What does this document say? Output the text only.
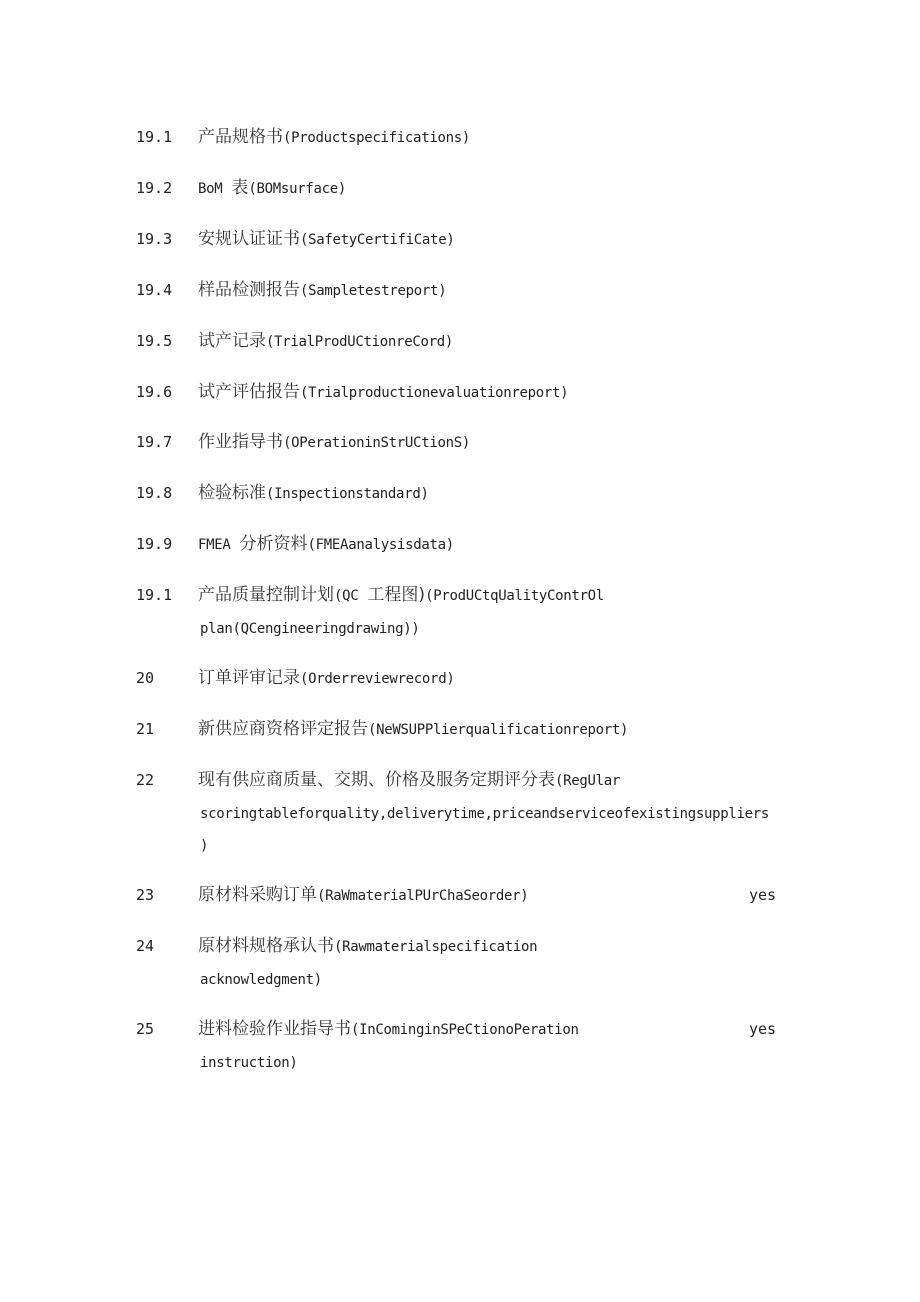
19.1 产品规格书(Productspecifications)
19.2 BoM 表(BOMsurface)
19.3 安规认证证书(SafetyCertifiCate)
19.4 样品检测报告(Sampletestreport)
19.5 试产记录(TrialProdUCtionreCord)
19.6 试产评估报告(Trialproductionevaluationreport)
19.7 作业指导书(OPerationinStrUCtionS)
19.8 检验标准(Inspectionstandard)
19.9 FMEA 分析资料(FMEAanalysisdata)
19.1 产品质量控制计划(QC 工程图)(ProdUCtqUalityContrOl
plan(QCengineeringdrawing))
20	订单评审记录(Orderreviewrecord)
21	新供应商资格评定报告(NeWSUPPlierqualificationreport)
22	现有供应商质量、交期、价格及服务定期评分表(RegUlar
scoringtableforquality,deliverytime,priceandserviceofexistingsuppliers
)
23	原材料采购订单(RaWmaterialPUrChaSeorder)	yes
24	原材料规格承认书(Rawmaterialspecification
acknowledgment)
25	进料检验作业指导书(InCominginSPeCtionoPeration	yes
instruction)
